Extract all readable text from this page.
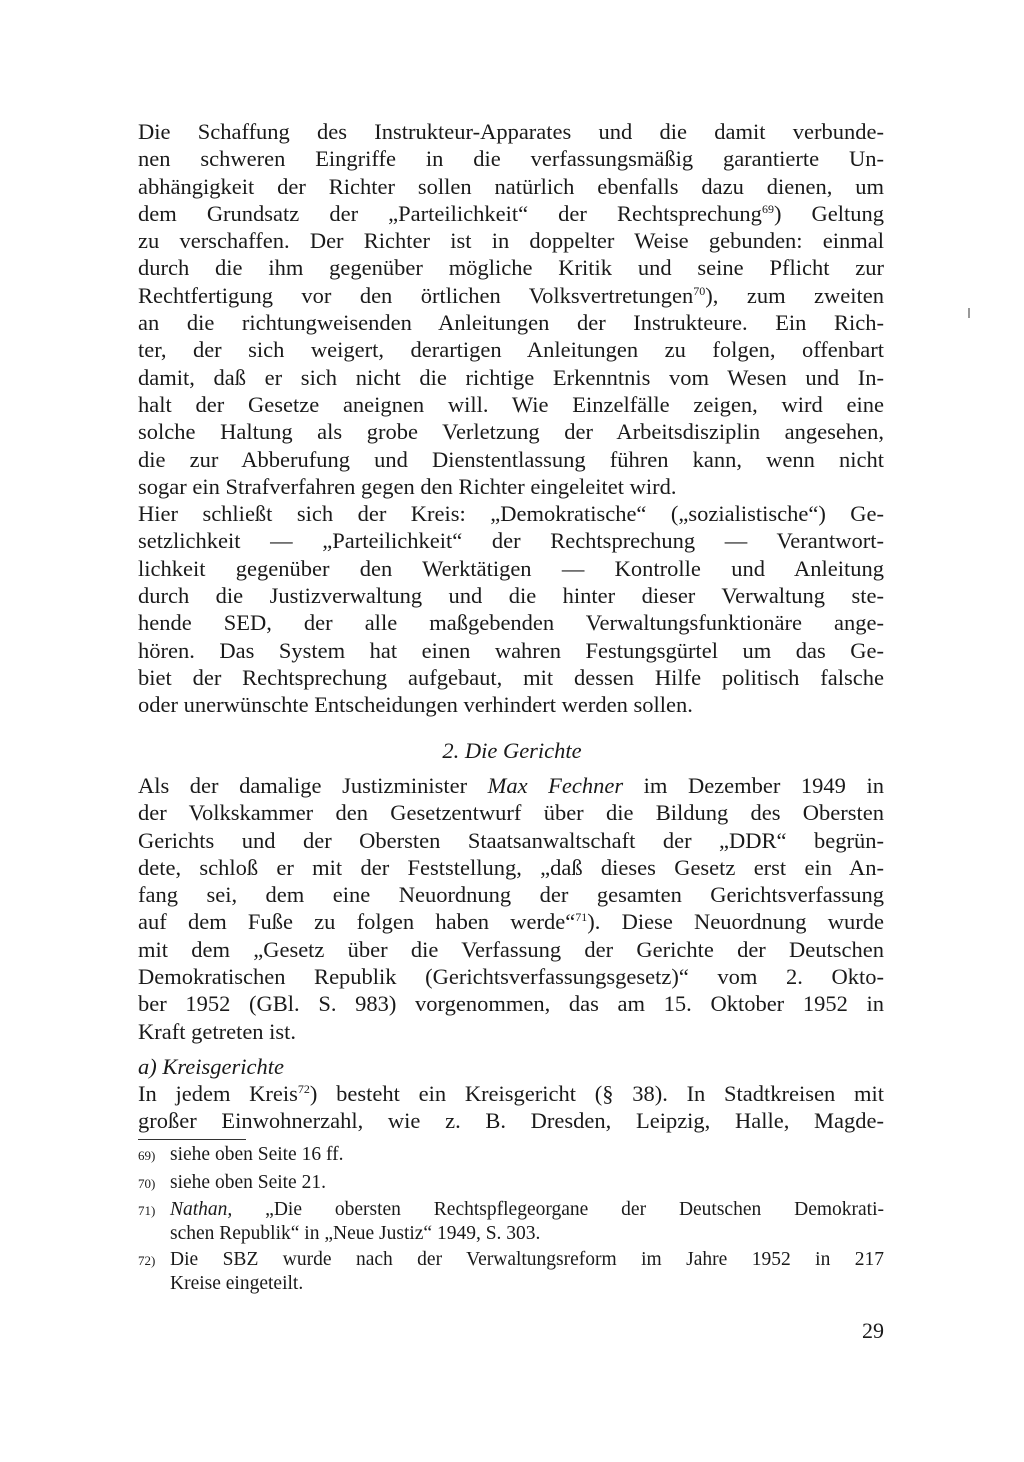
Die Schaffung des Instrukteur-Apparates und die damit verbunde-
nen schweren Eingriffe in die verfassungsmäßig garantierte Un-
abhängigkeit der Richter sollen natürlich ebenfalls dazu dienen, um
dem Grundsatz der „Parteilichkeit“ der Rechtsprechung$^{69}$) Geltung
zu verschaffen. Der Richter ist in doppelter Weise gebunden: einmal
durch die ihm gegenüber mögliche Kritik und seine Pflicht zur
Rechtfertigung vor den örtlichen Volksvertretungen$^{70}$), zum zweiten
an die richtungweisenden Anleitungen der Instrukteure. Ein Rich-
ter, der sich weigert, derartigen Anleitungen zu folgen, offenbart
damit, daß er sich nicht die richtige Erkenntnis vom Wesen und In-
halt der Gesetze aneignen will. Wie Einzelfälle zeigen, wird eine
solche Haltung als grobe Verletzung der Arbeitsdisziplin angesehen,
die zur Abberufung und Dienstentlassung führen kann, wenn nicht
sogar ein Strafverfahren gegen den Richter eingeleitet wird.
Hier schließt sich der Kreis: „Demokratische“ („sozialistische“) Ge-
setzlichkeit — „Parteilichkeit“ der Rechtsprechung — Verantwort-
lichkeit gegenüber den Werktätigen — Kontrolle und Anleitung
durch die Justizverwaltung und die hinter dieser Verwaltung ste-
hende SED, der alle maßgebenden Verwaltungsfunktionäre ange-
hören. Das System hat einen wahren Festungsgürtel um das Ge-
biet der Rechtsprechung aufgebaut, mit dessen Hilfe politisch falsche
oder unerwünschte Entscheidungen verhindert werden sollen.
2. Die Gerichte
Als der damalige Justizminister Max Fechner im Dezember 1949 in
der Volkskammer den Gesetzentwurf über die Bildung des Obersten
Gerichts und der Obersten Staatsanwaltschaft der „DDR“ begrün-
dete, schloß er mit der Feststellung, „daß dieses Gesetz erst ein An-
fang sei, dem eine Neuordnung der gesamten Gerichtsverfassung
auf dem Fuße zu folgen haben werde“$^{71}$). Diese Neuordnung wurde
mit dem „Gesetz über die Verfassung der Gerichte der Deutschen
Demokratischen Republik (Gerichtsverfassungsgesetz)“ vom 2. Okto-
ber 1952 (GBl. S. 983) vorgenommen, das am 15. Oktober 1952 in
Kraft getreten ist.
a) Kreisgerichte
In jedem Kreis$^{72}$) besteht ein Kreisgericht (§ 38). In Stadtkreisen mit
großer Einwohnerzahl, wie z. B. Dresden, Leipzig, Halle, Magde-
69) siehe oben Seite 16 ff.
70) siehe oben Seite 21.
71) Nathan, „Die obersten Rechtspflegeorgane der Deutschen Demokrati-
schen Republik“ in „Neue Justiz“ 1949, S. 303.
72) Die SBZ wurde nach der Verwaltungsreform im Jahre 1952 in 217
Kreise eingeteilt.
29
